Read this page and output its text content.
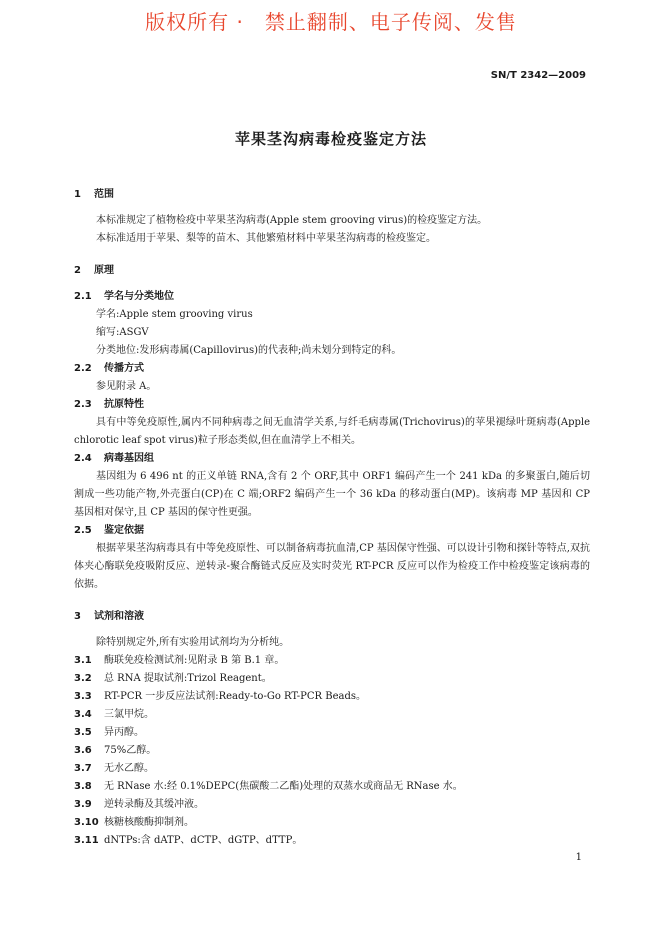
版权所有 ·　禁止翻制、电子传阅、发售
SN/T 2342—2009
苹果茎沟病毒检疫鉴定方法
1 范围
本标准规定了植物检疫中苹果茎沟病毒(Apple stem grooving virus)的检疫鉴定方法。
本标准适用于苹果、梨等的苗木、其他繁殖材料中苹果茎沟病毒的检疫鉴定。
2 原理
2.1 学名与分类地位
学名:Apple stem grooving virus
缩写:ASGV
分类地位:发形病毒属(Capillovirus)的代表种;尚未划分到特定的科。
2.2 传播方式
参见附录 A。
2.3 抗原特性
具有中等免疫原性,属内不同种病毒之间无血清学关系,与纤毛病毒属(Trichovirus)的苹果褪绿叶斑病毒(Apple chlorotic leaf spot virus)粒子形态类似,但在血清学上不相关。
2.4 病毒基因组
基因组为 6 496 nt 的正义单链 RNA,含有 2 个 ORF,其中 ORF1 编码产生一个 241 kDa 的多聚蛋白,随后切割成一些功能产物,外壳蛋白(CP)在 C 端;ORF2 编码产生一个 36 kDa 的移动蛋白(MP)。该病毒 MP 基因和 CP 基因相对保守,且 CP 基因的保守性更强。
2.5 鉴定依据
根据苹果茎沟病毒具有中等免疫原性、可以制备病毒抗血清,CP 基因保守性强、可以设计引物和探针等特点,双抗体夹心酶联免疫吸附反应、逆转录-聚合酶链式反应及实时荧光 RT-PCR 反应可以作为检疫工作中检疫鉴定该病毒的依据。
3 试剂和溶液
除特别规定外,所有实验用试剂均为分析纯。
3.1 酶联免疫检测试剂:见附录 B 第 B.1 章。
3.2 总 RNA 提取试剂:Trizol Reagent。
3.3 RT-PCR 一步反应法试剂:Ready-to-Go RT-PCR Beads。
3.4 三氯甲烷。
3.5 异丙醇。
3.6 75%乙醇。
3.7 无水乙醇。
3.8 无 RNase 水:经 0.1%DEPC(焦碳酸二乙酯)处理的双蒸水或商品无 RNase 水。
3.9 逆转录酶及其缓冲液。
3.10 核糖核酸酶抑制剂。
3.11 dNTPs:含 dATP、dCTP、dGTP、dTTP。
1
